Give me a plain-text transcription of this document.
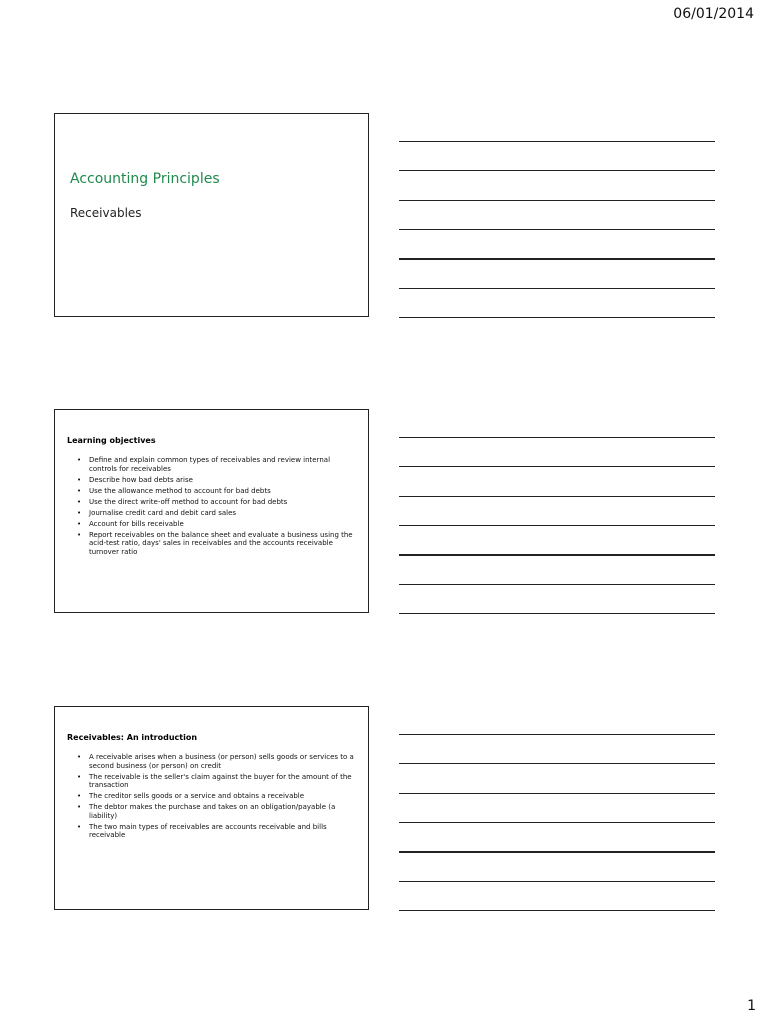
06/01/2014
Accounting Principles
Receivables
Learning objectives
• Define and explain common types of receivables and review internal controls for receivables
• Describe how bad debts arise
• Use the allowance method to account for bad debts
• Use the direct write-off method to account for bad debts
• Journalise credit card and debit card sales
• Account for bills receivable
• Report receivables on the balance sheet and evaluate a business using the acid-test ratio, days' sales in receivables and the accounts receivable turnover ratio
Receivables: An introduction
• A receivable arises when a business (or person) sells goods or services to a second business (or person) on credit
• The receivable is the seller's claim against the buyer for the amount of the transaction
• The creditor sells goods or a service and obtains a receivable
• The debtor makes the purchase and takes on an obligation/payable (a liability)
• The two main types of receivables are accounts receivable and bills receivable
1
